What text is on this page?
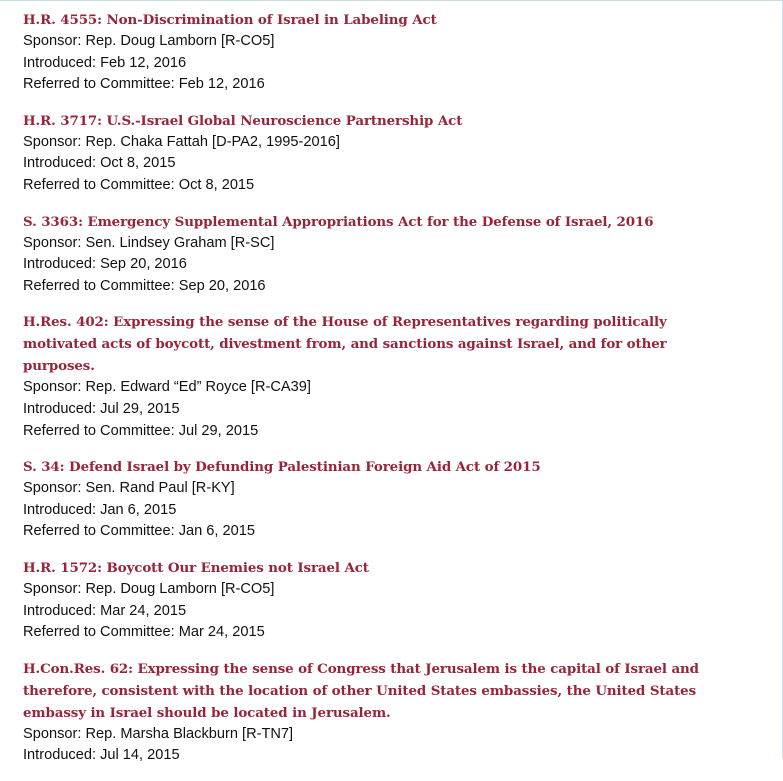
H.R. 4555: Non-Discrimination of Israel in Labeling Act
Sponsor: Rep. Doug Lamborn [R-CO5]
Introduced: Feb 12, 2016
Referred to Committee: Feb 12, 2016
H.R. 3717: U.S.-Israel Global Neuroscience Partnership Act
Sponsor: Rep. Chaka Fattah [D-PA2, 1995-2016]
Introduced: Oct 8, 2015
Referred to Committee: Oct 8, 2015
S. 3363: Emergency Supplemental Appropriations Act for the Defense of Israel, 2016
Sponsor: Sen. Lindsey Graham [R-SC]
Introduced: Sep 20, 2016
Referred to Committee: Sep 20, 2016
H.Res. 402: Expressing the sense of the House of Representatives regarding politically motivated acts of boycott, divestment from, and sanctions against Israel, and for other purposes.
Sponsor: Rep. Edward “Ed” Royce [R-CA39]
Introduced: Jul 29, 2015
Referred to Committee: Jul 29, 2015
S. 34: Defend Israel by Defunding Palestinian Foreign Aid Act of 2015
Sponsor: Sen. Rand Paul [R-KY]
Introduced: Jan 6, 2015
Referred to Committee: Jan 6, 2015
H.R. 1572: Boycott Our Enemies not Israel Act
Sponsor: Rep. Doug Lamborn [R-CO5]
Introduced: Mar 24, 2015
Referred to Committee: Mar 24, 2015
H.Con.Res. 62: Expressing the sense of Congress that Jerusalem is the capital of Israel and therefore, consistent with the location of other United States embassies, the United States embassy in Israel should be located in Jerusalem.
Sponsor: Rep. Marsha Blackburn [R-TN7]
Introduced: Jul 14, 2015
